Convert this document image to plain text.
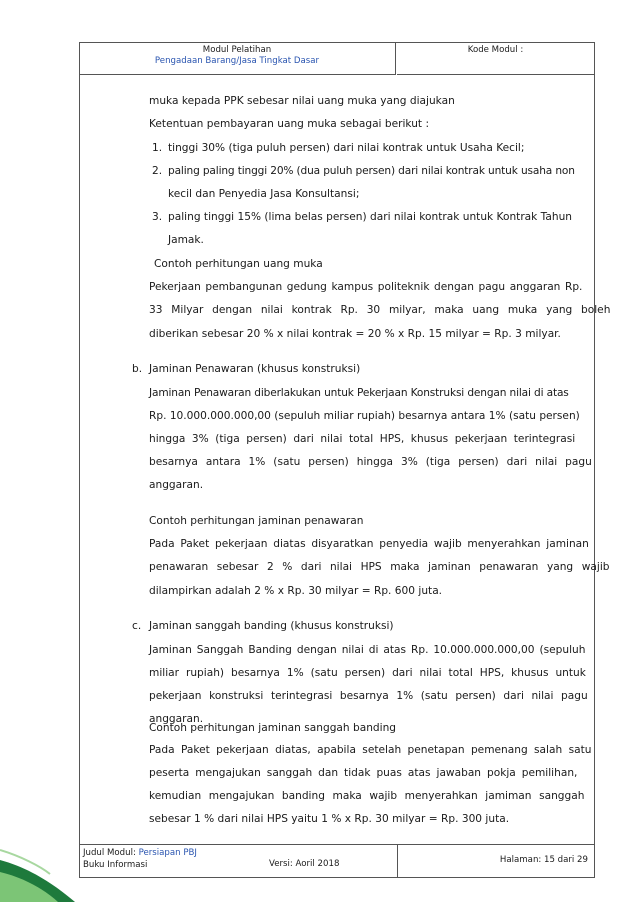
Modul Pelatihan
Pengadaan Barang/Jasa Tingkat Dasar
Kode Modul :
muka kepada PPK sebesar nilai uang muka yang diajukan
Ketentuan pembayaran uang muka sebagai berikut :
1. tinggi 30% (tiga puluh persen) dari nilai kontrak untuk Usaha Kecil;
2. paling paling tinggi 20% (dua puluh persen) dari nilai kontrak untuk usaha non
kecil dan Penyedia Jasa Konsultansi;
3. paling tinggi 15% (lima belas persen) dari nilai kontrak untuk Kontrak Tahun
Jamak.
Contoh perhitungan uang muka
Pekerjaan pembangunan gedung kampus politeknik dengan pagu anggaran Rp.
33 Milyar dengan nilai kontrak Rp. 30 milyar, maka uang muka yang boleh
diberikan sebesar 20 % x nilai kontrak = 20 % x Rp. 15 milyar = Rp. 3 milyar.
b. Jaminan Penawaran (khusus konstruksi)
Jaminan Penawaran diberlakukan untuk Pekerjaan Konstruksi dengan nilai di atas
Rp. 10.000.000.000,00 (sepuluh miliar rupiah) besarnya antara 1% (satu persen)
hingga 3% (tiga persen) dari nilai total HPS, khusus pekerjaan terintegrasi
besarnya antara 1% (satu persen) hingga 3% (tiga persen) dari nilai pagu
anggaran.
Contoh perhitungan jaminan penawaran
Pada Paket pekerjaan diatas disyaratkan penyedia wajib menyerahkan jaminan
penawaran sebesar 2 % dari nilai HPS maka jaminan penawaran yang wajib
dilampirkan adalah 2 % x Rp. 30 milyar = Rp. 600 juta.
c. Jaminan sanggah banding (khusus konstruksi)
Jaminan Sanggah Banding dengan nilai di atas Rp. 10.000.000.000,00 (sepuluh
miliar rupiah) besarnya 1% (satu persen) dari nilai total HPS, khusus untuk
pekerjaan konstruksi terintegrasi besarnya 1% (satu persen) dari nilai pagu
anggaran.
Contoh perhitungan jaminan sanggah banding
Pada Paket pekerjaan diatas, apabila setelah penetapan pemenang salah satu
peserta mengajukan sanggah dan tidak puas atas jawaban pokja pemilihan,
kemudian mengajukan banding maka wajib menyerahkan jamiman sanggah
Judul Modul: Persiapan PBJ
Buku Informasi	Versi: Aoril 2018	Halaman: 15 dari 29
sebesar 1 % dari nilai HPS yaitu 1 % x Rp. 30 milyar = Rp. 300 juta.
